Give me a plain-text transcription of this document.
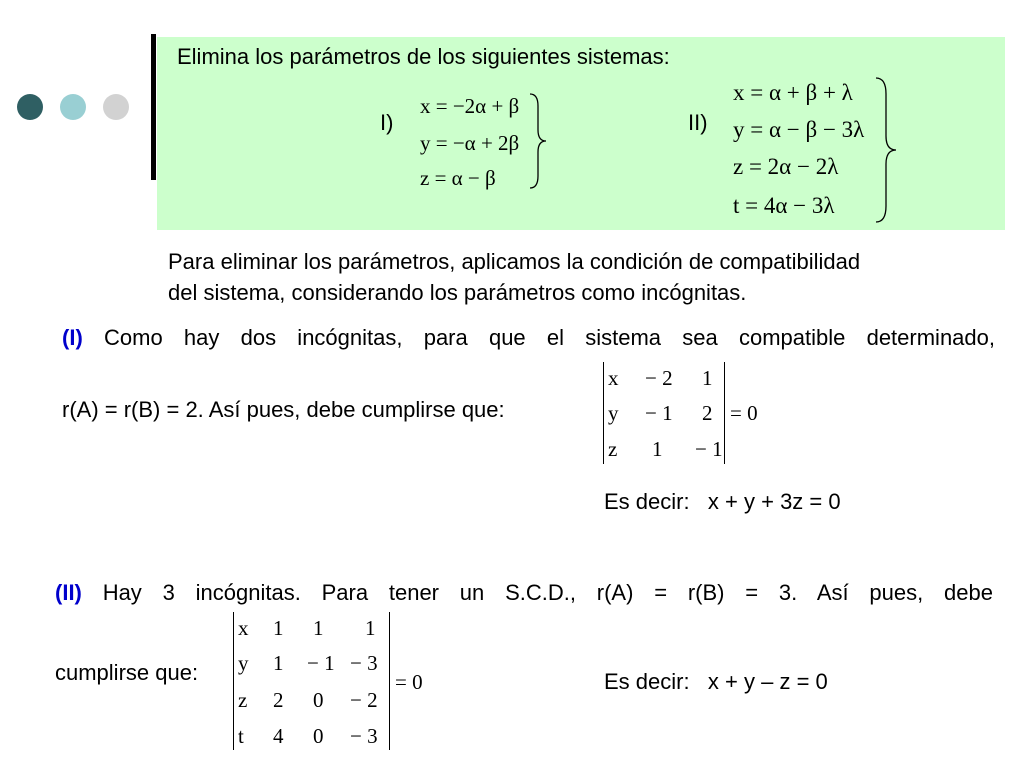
Elimina los parámetros de los siguientes sistemas:
I)
x = −2α + β
y = −α + 2β
z = α − β
II)
x = α + β + λ
y = α − β − 3λ
z = 2α − 2λ
t = 4α − 3λ
Para eliminar los parámetros, aplicamos la condición de compatibilidad
del sistema, considerando los parámetros como incógnitas.
(I) Como hay dos incógnitas, para que el sistema sea compatible determinado,
r(A) = r(B) = 2. Así pues, debe cumplirse que:
x − 2 1
y − 1 2
z 1 − 1
= 0
Es decir:   x + y + 3z = 0
(II) Hay 3 incógnitas. Para tener un S.C.D., r(A) = r(B) = 3. Así pues, debe
cumplirse que:
x 1 1 1
y 1 − 1 − 3
z 2 0 − 2
t 4 0 − 3
= 0	Es decir:   x + y – z = 0
